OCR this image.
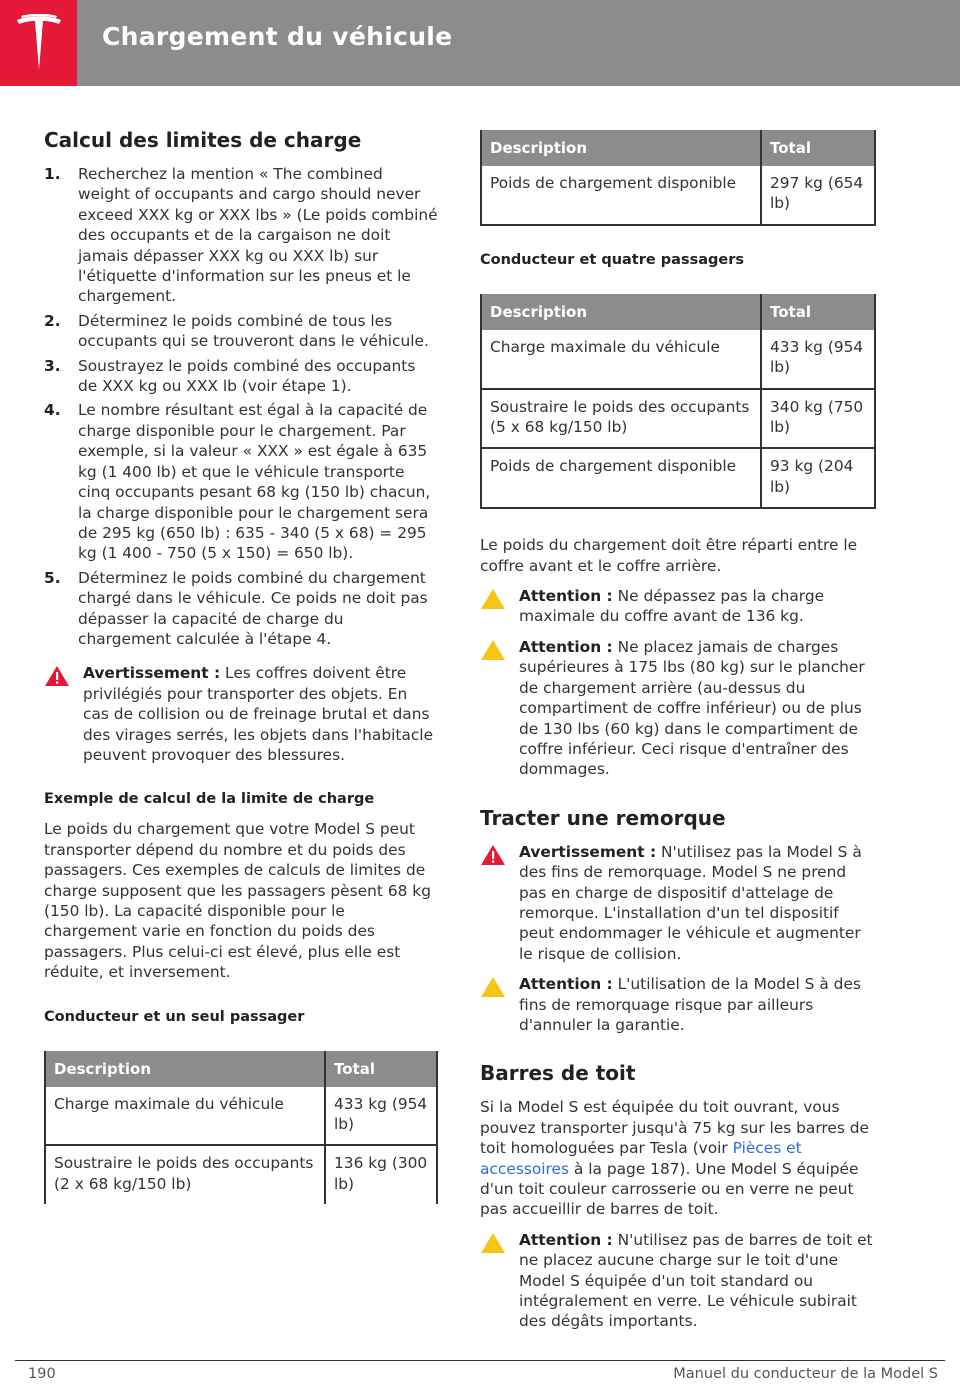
Chargement du véhicule
Calcul des limites de charge
1.	Recherchez la mention « The combined weight of occupants and cargo should never exceed XXX kg or XXX lbs » (Le poids combiné des occupants et de la cargaison ne doit jamais dépasser XXX kg ou XXX lb) sur l'étiquette d'information sur les pneus et le chargement.
2.	Déterminez le poids combiné de tous les occupants qui se trouveront dans le véhicule.
3.	Soustrayez le poids combiné des occupants de XXX kg ou XXX lb (voir étape 1).
4.	Le nombre résultant est égal à la capacité de charge disponible pour le chargement. Par exemple, si la valeur « XXX » est égale à 635 kg (1 400 lb) et que le véhicule transporte cinq occupants pesant 68 kg (150 lb) chacun, la charge disponible pour le chargement sera de 295 kg (650 lb) : 635 - 340 (5 x 68) = 295 kg (1 400 - 750 (5 x 150) = 650 lb).
5.	Déterminez le poids combiné du chargement chargé dans le véhicule. Ce poids ne doit pas dépasser la capacité de charge du chargement calculée à l'étape 4.
Avertissement : Les coffres doivent être privilégiés pour transporter des objets. En cas de collision ou de freinage brutal et dans des virages serrés, les objets dans l'habitacle peuvent provoquer des blessures.
Exemple de calcul de la limite de charge
Le poids du chargement que votre Model S peut transporter dépend du nombre et du poids des passagers. Ces exemples de calculs de limites de charge supposent que les passagers pèsent 68 kg (150 lb). La capacité disponible pour le chargement varie en fonction du poids des passagers. Plus celui-ci est élevé, plus elle est réduite, et inversement.
Conducteur et un seul passager
Description	Total
Charge maximale du véhicule	433 kg (954 lb)
Soustraire le poids des occupants (2 x 68 kg/150 lb)	136 kg (300 lb)
Description	Total
Poids de chargement disponible	297 kg (654 lb)
Conducteur et quatre passagers
Description	Total
Charge maximale du véhicule	433 kg (954 lb)
Soustraire le poids des occupants (5 x 68 kg/150 lb)	340 kg (750 lb)
Poids de chargement disponible	93 kg (204 lb)
Le poids du chargement doit être réparti entre le coffre avant et le coffre arrière.
Attention : Ne dépassez pas la charge maximale du coffre avant de 136 kg.
Attention : Ne placez jamais de charges supérieures à 175 lbs (80 kg) sur le plancher de chargement arrière (au-dessus du compartiment de coffre inférieur) ou de plus de 130 lbs (60 kg) dans le compartiment de coffre inférieur. Ceci risque d'entraîner des dommages.
Tracter une remorque
Avertissement : N'utilisez pas la Model S à des fins de remorquage. Model S ne prend pas en charge de dispositif d'attelage de remorque. L'installation d'un tel dispositif peut endommager le véhicule et augmenter le risque de collision.
Attention : L'utilisation de la Model S à des fins de remorquage risque par ailleurs d'annuler la garantie.
Barres de toit
Si la Model S est équipée du toit ouvrant, vous pouvez transporter jusqu'à 75 kg sur les barres de toit homologuées par Tesla (voir Pièces et accessoires à la page 187). Une Model S équipée d'un toit couleur carrosserie ou en verre ne peut pas accueillir de barres de toit.
Attention : N'utilisez pas de barres de toit et ne placez aucune charge sur le toit d'une Model S équipée d'un toit standard ou intégralement en verre. Le véhicule subirait des dégâts importants.
190	Manuel du conducteur de la Model S
